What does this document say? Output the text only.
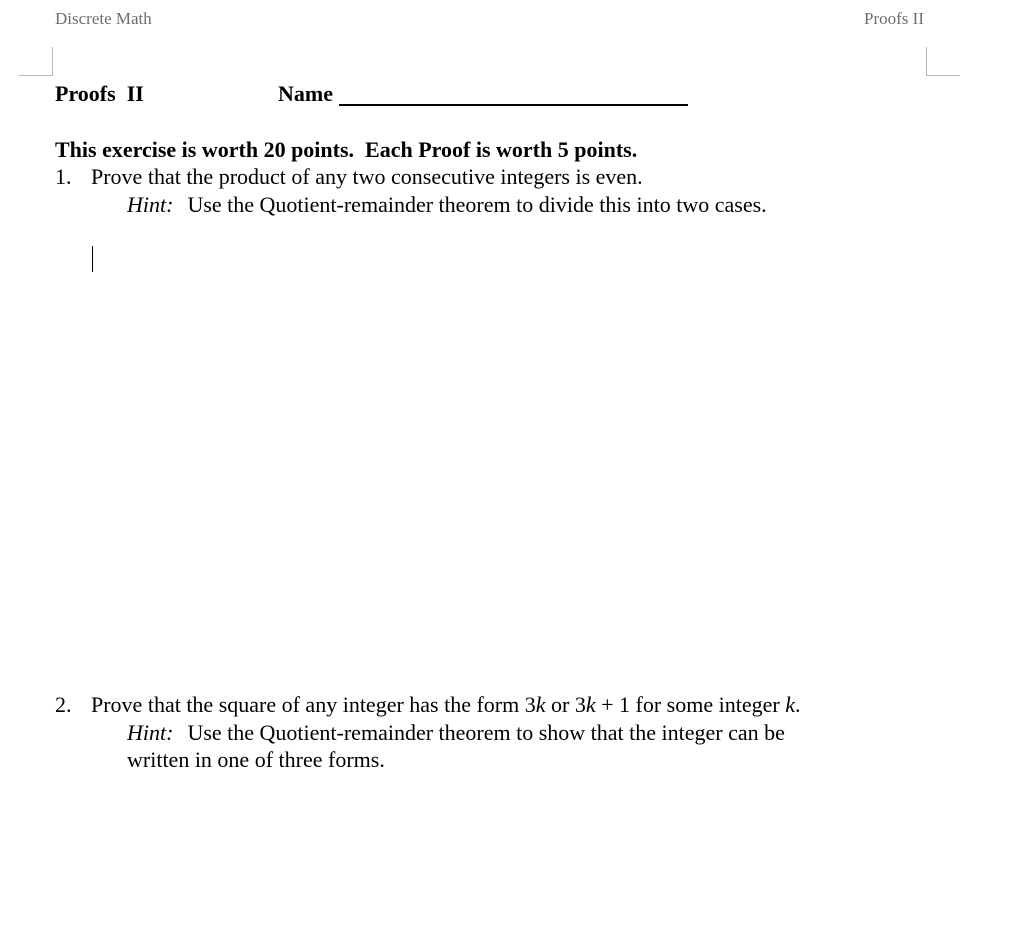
Discrete Math	Proofs II
Proofs  II	Name
This exercise is worth 20 points.  Each Proof is worth 5 points.
1. Prove that the product of any two consecutive integers is even.
Hint: Use the Quotient-remainder theorem to divide this into two cases.
2. Prove that the square of any integer has the form 3k or 3k + 1 for some integer k.
Hint: Use the Quotient-remainder theorem to show that the integer can be
written in one of three forms.
